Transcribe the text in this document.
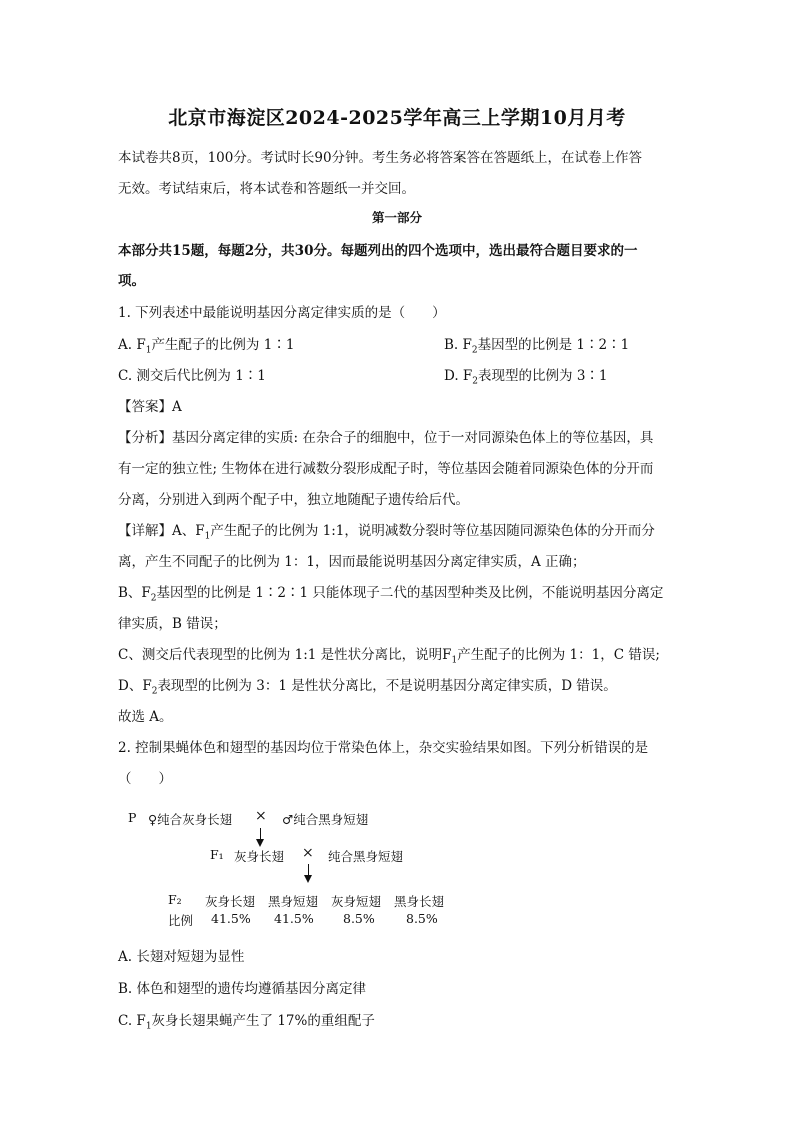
北京市海淀区2024-2025学年高三上学期10月月考
本试卷共8页，100分。考试时长90分钟。考生务必将答案答在答题纸上，在试卷上作答
无效。考试结束后，将本试卷和答题纸一并交回。
第一部分
本部分共15题，每题2分，共30分。每题列出的四个选项中，选出最符合题目要求的一
项。
1. 下列表述中最能说明基因分离定律实质的是（　　）
A. $F_1$产生配子的比例为 1∶1	B. $F_2$基因型的比例是 1∶2∶1
C. 测交后代比例为 1∶1	D. $F_2$表现型的比例为 3∶1
【答案】A
【分析】基因分离定律的实质: 在杂合子的细胞中，位于一对同源染色体上的等位基因，具
有一定的独立性; 生物体在进行减数分裂形成配子时，等位基因会随着同源染色体的分开而
分离，分别进入到两个配子中，独立地随配子遗传给后代。
【详解】A、$F_1$产生配子的比例为 1:1，说明减数分裂时等位基因随同源染色体的分开而分
离，产生不同配子的比例为 1：1，因而最能说明基因分离定律实质，A 正确；
B、$F_2$基因型的比例是 1∶2∶1 只能体现子二代的基因型种类及比例，不能说明基因分离定
律实质，B 错误；
C、测交后代表现型的比例为 1:1 是性状分离比，说明$F_1$产生配子的比例为 1：1，C 错误;
D、$F_2$表现型的比例为 3：1 是性状分离比，不是说明基因分离定律实质，D 错误。
故选 A。
2. 控制果蝇体色和翅型的基因均位于常染色体上，杂交实验结果如图。下列分析错误的是
（　　）
P ♀纯合灰身长翅 × ♂纯合黑身短翅
F₁ 灰身长翅 × 纯合黑身短翅
F₂ 灰身长翅 黑身短翅 灰身短翅 黑身长翅
比例 41.5% 41.5% 8.5% 8.5%
A. 长翅对短翅为显性
B. 体色和翅型的遗传均遵循基因分离定律
C. $F_1$灰身长翅果蝇产生了 17%的重组配子
